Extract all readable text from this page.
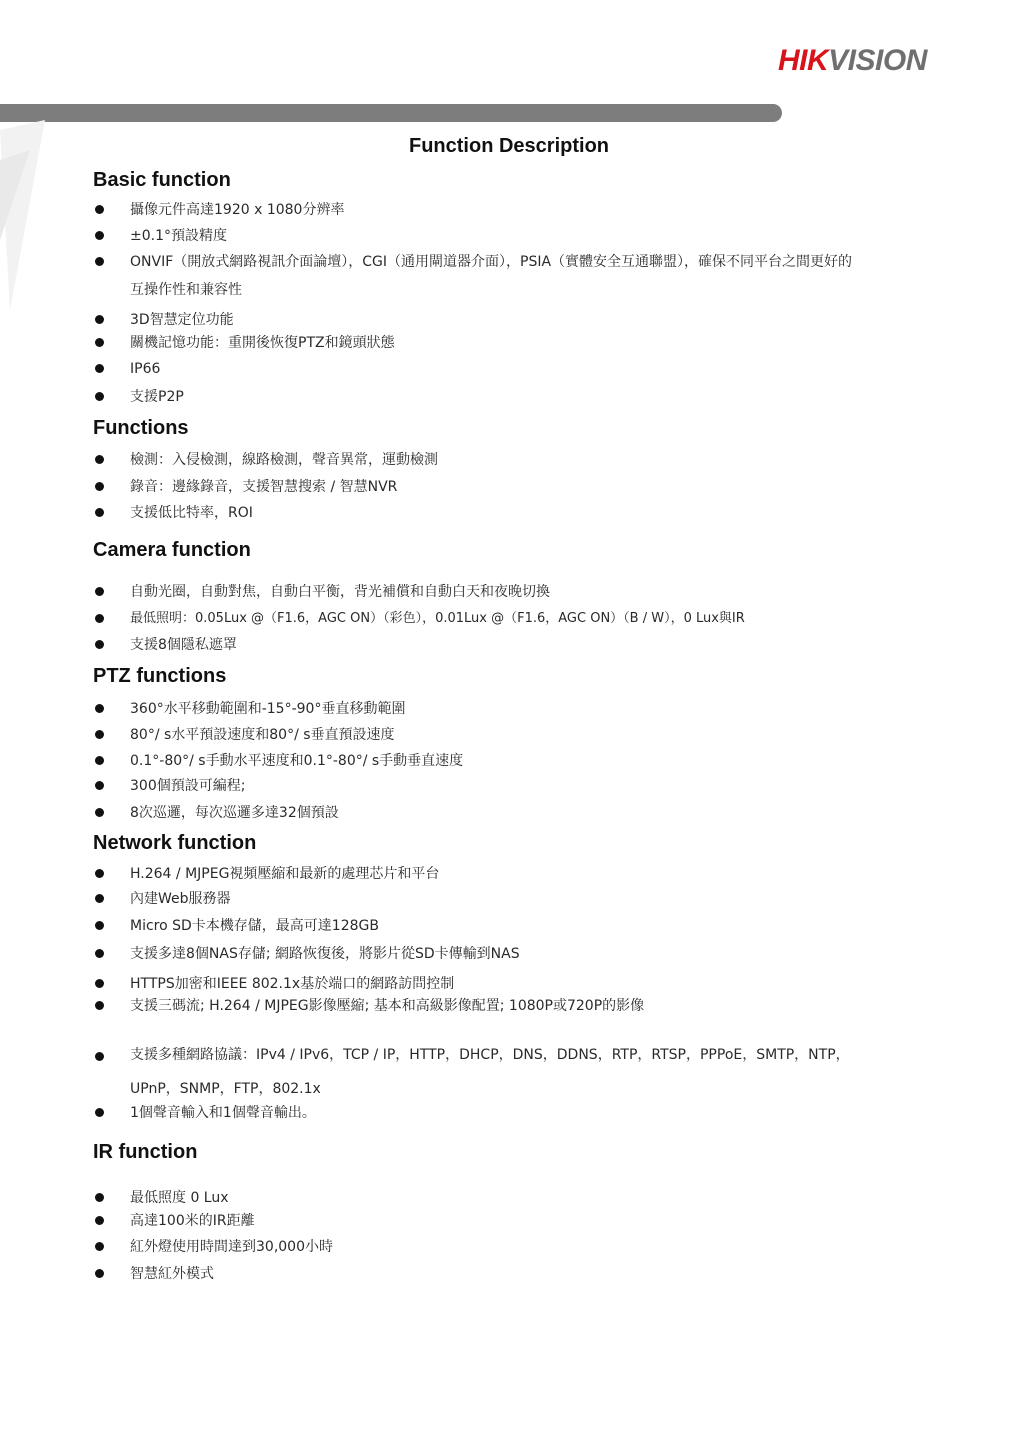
HIKVISION
Function Description
Basic function
攝像元件高達1920 x 1080分辨率
±0.1°預設精度
ONVIF（開放式網路視訊介面論壇），CGI（通用閘道器介面），PSIA（實體安全互通聯盟），確保不同平台之間更好的互操作性和兼容性
3D智慧定位功能
關機記憶功能：重開後恢復PTZ和鏡頭狀態
IP66
支援P2P
Functions
檢測：入侵檢測，線路檢測，聲音異常，運動檢測
錄音：邊緣錄音，支援智慧搜索 / 智慧NVR
支援低比特率，ROI
Camera function
自動光圈，自動對焦，自動白平衡，背光補償和自動白天和夜晚切換
最低照明：0.05Lux @（F1.6，AGC ON）（彩色），0.01Lux @（F1.6，AGC ON）（B / W），0 Lux與IR
支援8個隱私遮罩
PTZ functions
360°水平移動範圍和-15°-90°垂直移動範圍
80°/ s水平預設速度和80°/ s垂直預設速度
0.1°-80°/ s手動水平速度和0.1°-80°/ s手動垂直速度
300個預設可編程;
8次巡邏，每次巡邏多達32個預設
Network function
H.264 / MJPEG視頻壓縮和最新的處理芯片和平台
內建Web服務器
Micro SD卡本機存儲，最高可達128GB
支援多達8個NAS存儲; 網路恢復後，將影片從SD卡傳輸到NAS
HTTPS加密和IEEE 802.1x基於端口的網路訪問控制
支援三碼流; H.264 / MJPEG影像壓縮; 基本和高級影像配置; 1080P或720P的影像
支援多種網路協議：IPv4 / IPv6，TCP / IP，HTTP，DHCP，DNS，DDNS，RTP，RTSP，PPPoE，SMTP，NTP，UPnP，SNMP，FTP，802.1x
1個聲音輸入和1個聲音輸出。
IR function
最低照度 0 Lux
高達100米的IR距離
紅外燈使用時間達到30,000小時
智慧紅外模式
